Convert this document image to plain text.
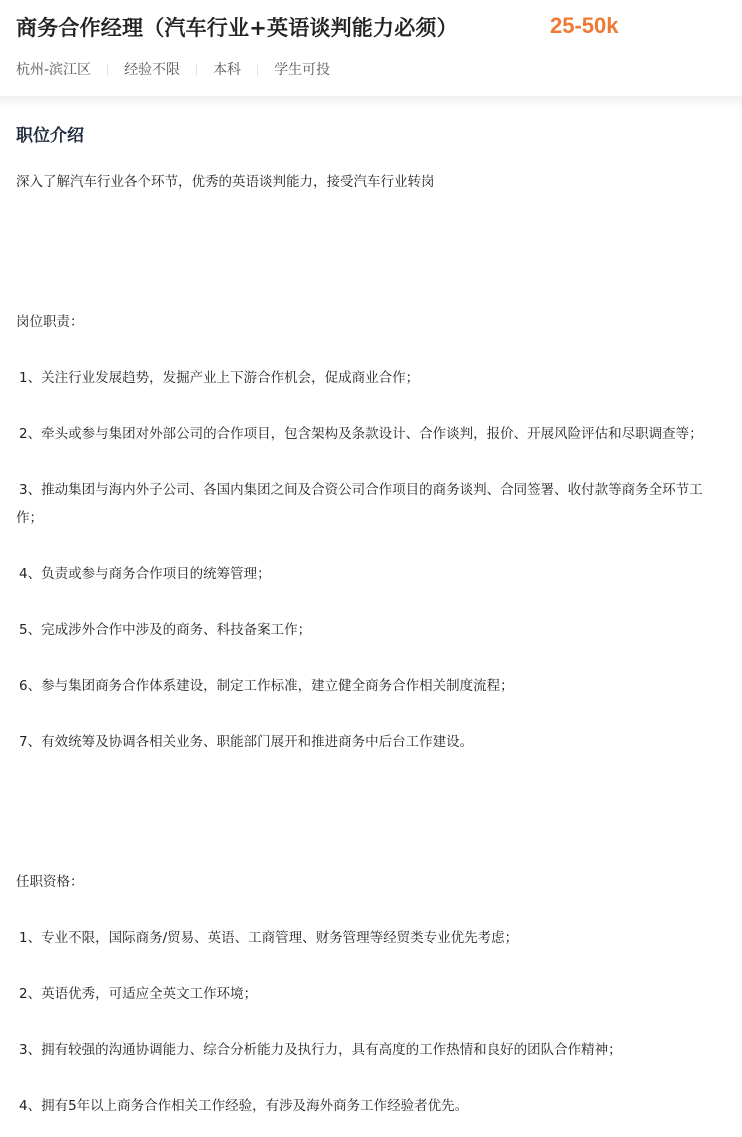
商务合作经理（汽车行业+英语谈判能力必须）	25-50k
杭州-滨江区 经验不限 本科 学生可投
职位介绍
深入了解汽车行业各个环节，优秀的英语谈判能力，接受汽车行业转岗
岗位职责：
1、关注行业发展趋势，发掘产业上下游合作机会，促成商业合作；
2、牵头或参与集团对外部公司的合作项目，包含架构及条款设计、合作谈判，报价、开展风险评估和尽职调查等；
3、推动集团与海内外子公司、各国内集团之间及合资公司合作项目的商务谈判、合同签署、收付款等商务全环节工
作；
4、负责或参与商务合作项目的统筹管理；
5、完成涉外合作中涉及的商务、科技备案工作；
6、参与集团商务合作体系建设，制定工作标准，建立健全商务合作相关制度流程；
7、有效统筹及协调各相关业务、职能部门展开和推进商务中后台工作建设。
任职资格：
1、专业不限，国际商务/贸易、英语、工商管理、财务管理等经贸类专业优先考虑；
2、英语优秀，可适应全英文工作环境；
3、拥有较强的沟通协调能力、综合分析能力及执行力，具有高度的工作热情和良好的团队合作精神；
4、拥有5年以上商务合作相关工作经验，有涉及海外商务工作经验者优先。
